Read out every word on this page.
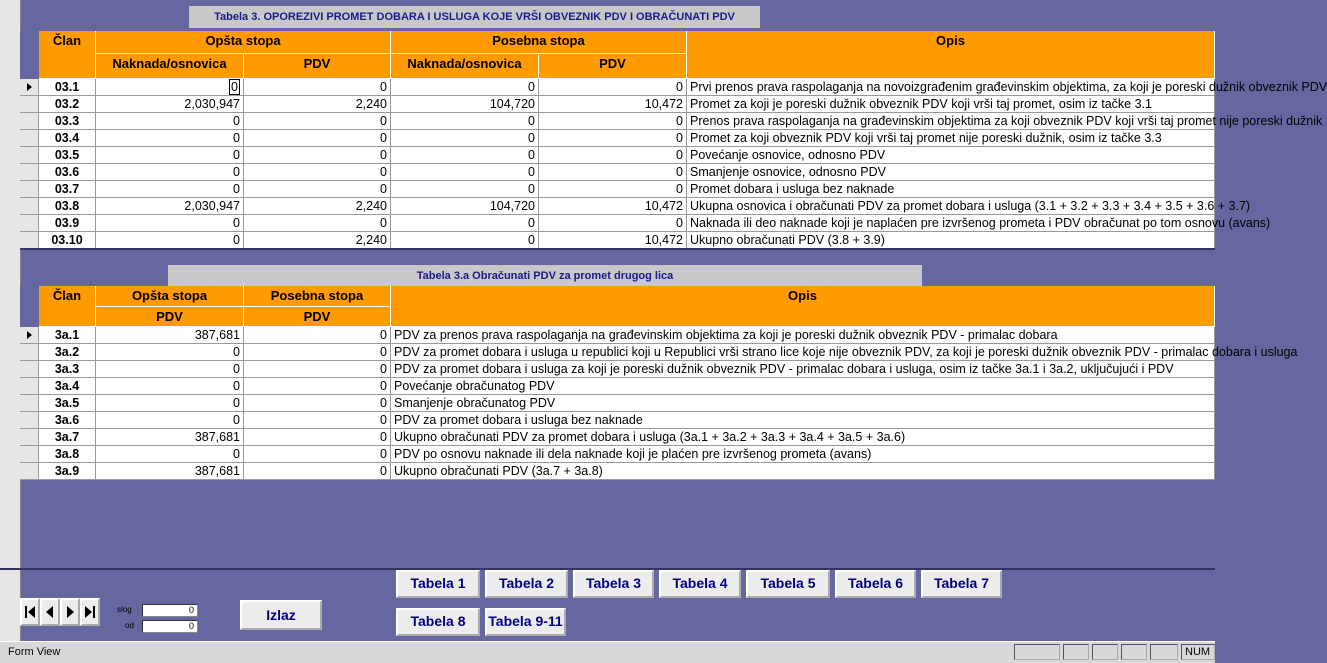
Tabela 3. OPOREZIVI PROMET DOBARA I USLUGA KOJE VRŠI OBVEZNIK PDV I OBRAČUNATI PDV
Član	Opšta stopa
Naknada/osnovica	PDV
Posebna stopa
Naknada/osnovica	PDV
Opis
03.1	0	0	0	0 Prvi prenos prava raspolaganja na novoizgrađenim građevinskim objektima, za koji je poreski dužnik obveznik PDV
03.2	2,030,947	2,240	104,720	10,472 Promet za koji je poreski dužnik obveznik PDV koji vrši taj promet, osim iz tačke 3.1
03.3	0	0	0	0 Prenos prava raspolaganja na građevinskim objektima za koji obveznik PDV koji vrši taj promet nije poreski dužnik
03.4	0	0	0	0 Promet za koji obveznik PDV koji vrši taj promet nije poreski dužnik, osim iz tačke 3.3
03.5	0	0	0	0 Povećanje osnovice, odnosno PDV
03.6	0	0	0	0 Smanjenje osnovice, odnosno PDV
03.7	0	0	0	0 Promet dobara i usluga bez naknade
03.8	2,030,947	2,240	104,720	10,472 Ukupna osnovica i obračunati PDV za promet dobara i usluga (3.1 + 3.2 + 3.3 + 3.4 + 3.5 + 3.6 + 3.7)
03.9	0	0	0	0 Naknada ili deo naknade koji je naplaćen pre izvršenog prometa i PDV obračunat po tom osnovu (avans)
03.10	0	2,240	0	10,472 Ukupno obračunati PDV (3.8 + 3.9)
Tabela 3.a Obračunati PDV za promet drugog lica
Član	Opšta stopa
PDV
Posebna stopa
PDV
Opis
3a.1	387,681	0 PDV za prenos prava raspolaganja na građevinskim objektima za koji je poreski dužnik obveznik PDV - primalac dobara
3a.2	0	0 PDV za promet dobara i usluga u republici koji u Republici vrši strano lice koje nije obveznik PDV, za koji je poreski dužnik obveznik PDV - primalac dobara i usluga
3a.3	0	0 PDV za promet dobara i usluga za koji je poreski dužnik obveznik PDV - primalac dobara i usluga, osim iz tačke 3a.1 i 3a.2, uključujući i PDV
3a.4	0	0 Povećanje obračunatog PDV
3a.5	0	0 Smanjenje obračunatog PDV
3a.6	0	0 PDV za promet dobara i usluga bez naknade
3a.7	387,681	0 Ukupno obračunati PDV za promet dobara i usluga (3a.1 + 3a.2 + 3a.3 + 3a.4 + 3a.5 + 3a.6)
3a.8	0	0 PDV po osnovu naknade ili dela naknade koji je plaćen pre izvršenog prometa (avans)
3a.9	387,681	0 Ukupno obračunati PDV (3a.7 + 3a.8)
slog
od
0
0
Izlaz
Tabela 1	Tabela 2	Tabela 3	Tabela 4	Tabela 5	Tabela 6	Tabela 7
Tabela 8	Tabela 9-11
Form View	NUM
